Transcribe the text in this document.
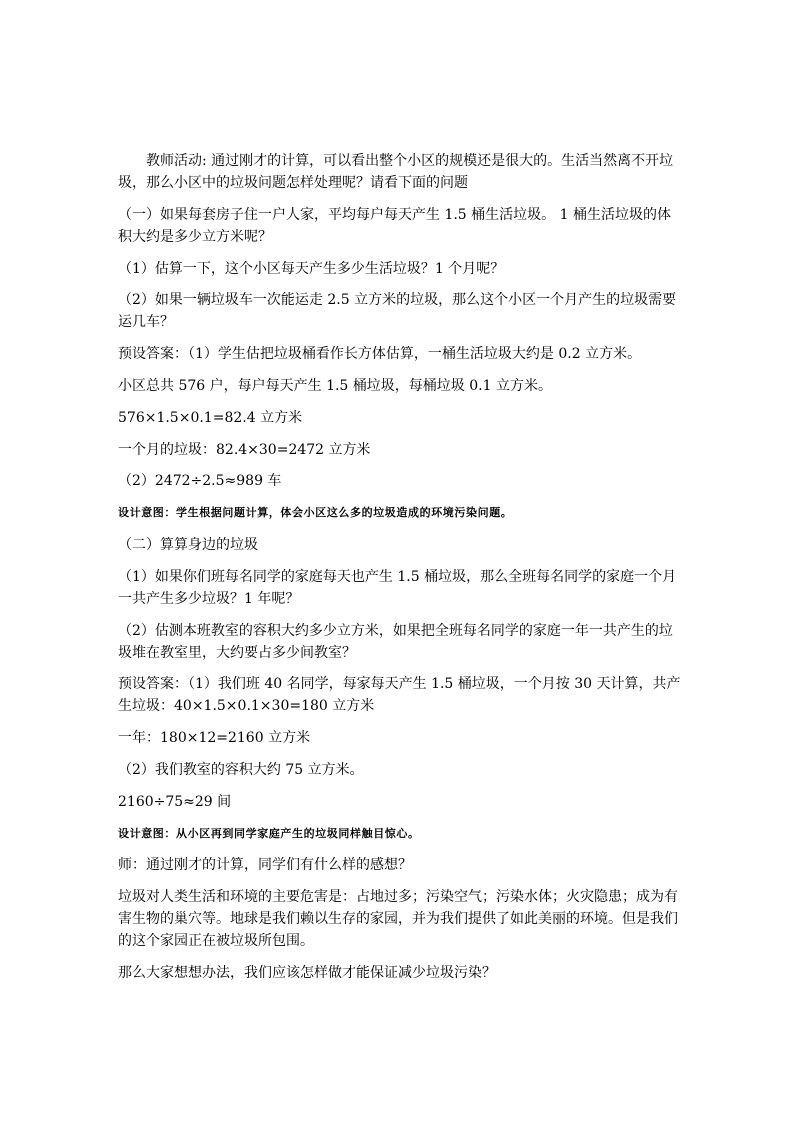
教师活动: 通过刚才的计算，可以看出整个小区的规模还是很大的。生活当然离不开垃

圾，那么小区中的垃圾问题怎样处理呢？请看下面的问题

（一）如果每套房子住一户人家，平均每户每天产生 1.5 桶生活垃圾。 1 桶生活垃圾的体

积大约是多少立方米呢？

（1）估算一下，这个小区每天产生多少生活垃圾？1 个月呢？

（2）如果一辆垃圾车一次能运走 2.5 立方米的垃圾，那么这个小区一个月产生的垃圾需要

运几车？

预设答案：（1）学生估把垃圾桶看作长方体估算，一桶生活垃圾大约是 0.2 立方米。

小区总共 576 户，每户每天产生 1.5 桶垃圾，每桶垃圾 0.1 立方米。

576×1.5×0.1=82.4 立方米

一个月的垃圾：82.4×30=2472 立方米

（2）2472÷2.5≈989 车

设计意图：学生根据问题计算，体会小区这么多的垃圾造成的环境污染问题。

（二）算算身边的垃圾

（1）如果你们班每名同学的家庭每天也产生 1.5 桶垃圾，那么全班每名同学的家庭一个月

一共产生多少垃圾？1 年呢？

（2）估测本班教室的容积大约多少立方米，如果把全班每名同学的家庭一年一共产生的垃

圾堆在教室里，大约要占多少间教室？

预设答案：（1）我们班 40 名同学，每家每天产生 1.5 桶垃圾，一个月按 30 天计算，共产

生垃圾：40×1.5×0.1×30=180 立方米

一年：180×12=2160 立方米

（2）我们教室的容积大约 75 立方米。

2160÷75≈29 间

设计意图：从小区再到同学家庭产生的垃圾同样触目惊心。

师：通过刚才的计算，同学们有什么样的感想？

垃圾对人类生活和环境的主要危害是：占地过多；污染空气；污染水体；火灾隐患；成为有

害生物的巢穴等。地球是我们赖以生存的家园，并为我们提供了如此美丽的环境。但是我们

的这个家园正在被垃圾所包围。

那么大家想想办法，我们应该怎样做才能保证减少垃圾污染？
